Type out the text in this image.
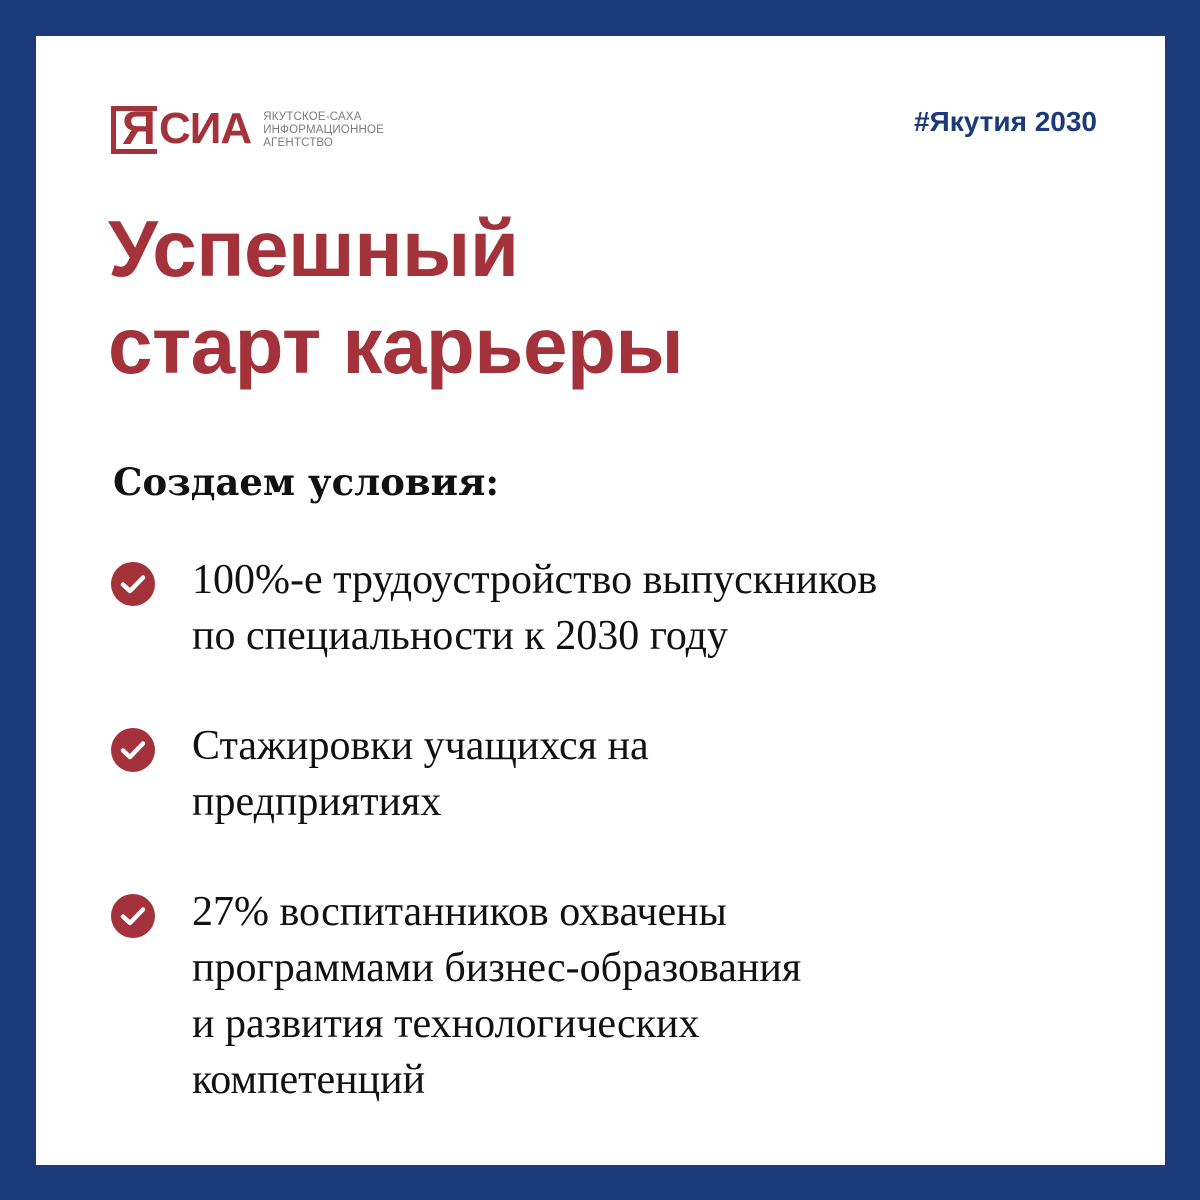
Я СИА ЯКУТСКОЕ-САХА
ИНФОРМАЦИОННОЕ
АГЕНТСТВО
#Якутия 2030
Успешный
старт карьеры
Создаем условия:
100%-е трудоустройство выпускников
по специальности к 2030 году
Стажировки учащихся на
предприятиях
27% воспитанников охвачены
программами бизнес-образования
и развития технологических
компетенций
